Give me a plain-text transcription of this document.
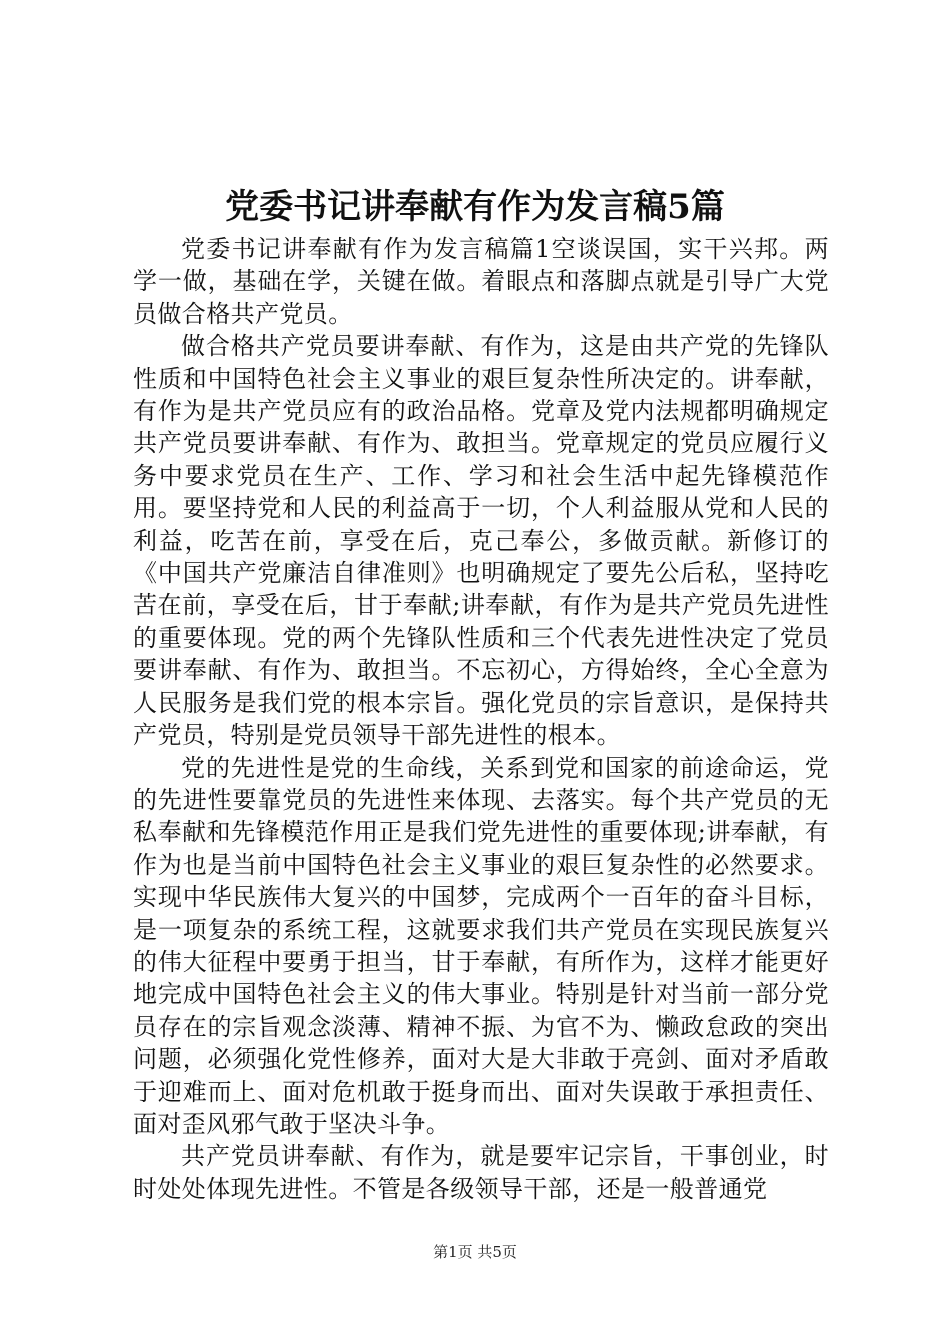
党委书记讲奉献有作为发言稿5篇

党委书记讲奉献有作为发言稿篇1空谈误国，实干兴邦。两学一做，基础在学，关键在做。着眼点和落脚点就是引导广大党员做合格共产党员。

做合格共产党员要讲奉献、有作为，这是由共产党的先锋队性质和中国特色社会主义事业的艰巨复杂性所决定的。讲奉献，有作为是共产党员应有的政治品格。党章及党内法规都明确规定共产党员要讲奉献、有作为、敢担当。党章规定的党员应履行义务中要求党员在生产、工作、学习和社会生活中起先锋模范作用。要坚持党和人民的利益高于一切，个人利益服从党和人民的利益，吃苦在前，享受在后，克己奉公，多做贡献。新修订的《中国共产党廉洁自律准则》也明确规定了要先公后私，坚持吃苦在前，享受在后，甘于奉献;讲奉献，有作为是共产党员先进性的重要体现。党的两个先锋队性质和三个代表先进性决定了党员要讲奉献、有作为、敢担当。不忘初心，方得始终，全心全意为人民服务是我们党的根本宗旨。强化党员的宗旨意识，是保持共产党员，特别是党员领导干部先进性的根本。

党的先进性是党的生命线，关系到党和国家的前途命运，党的先进性要靠党员的先进性来体现、去落实。每个共产党员的无私奉献和先锋模范作用正是我们党先进性的重要体现;讲奉献，有作为也是当前中国特色社会主义事业的艰巨复杂性的必然要求。实现中华民族伟大复兴的中国梦，完成两个一百年的奋斗目标，是一项复杂的系统工程，这就要求我们共产党员在实现民族复兴的伟大征程中要勇于担当，甘于奉献，有所作为，这样才能更好地完成中国特色社会主义的伟大事业。特别是针对当前一部分党员存在的宗旨观念淡薄、精神不振、为官不为、懒政怠政的突出问题，必须强化党性修养，面对大是大非敢于亮剑、面对矛盾敢于迎难而上、面对危机敢于挺身而出、面对失误敢于承担责任、面对歪风邪气敢于坚决斗争。

共产党员讲奉献、有作为，就是要牢记宗旨，干事创业，时时处处体现先进性。不管是各级领导干部，还是一般普通党

第1页 共5页
